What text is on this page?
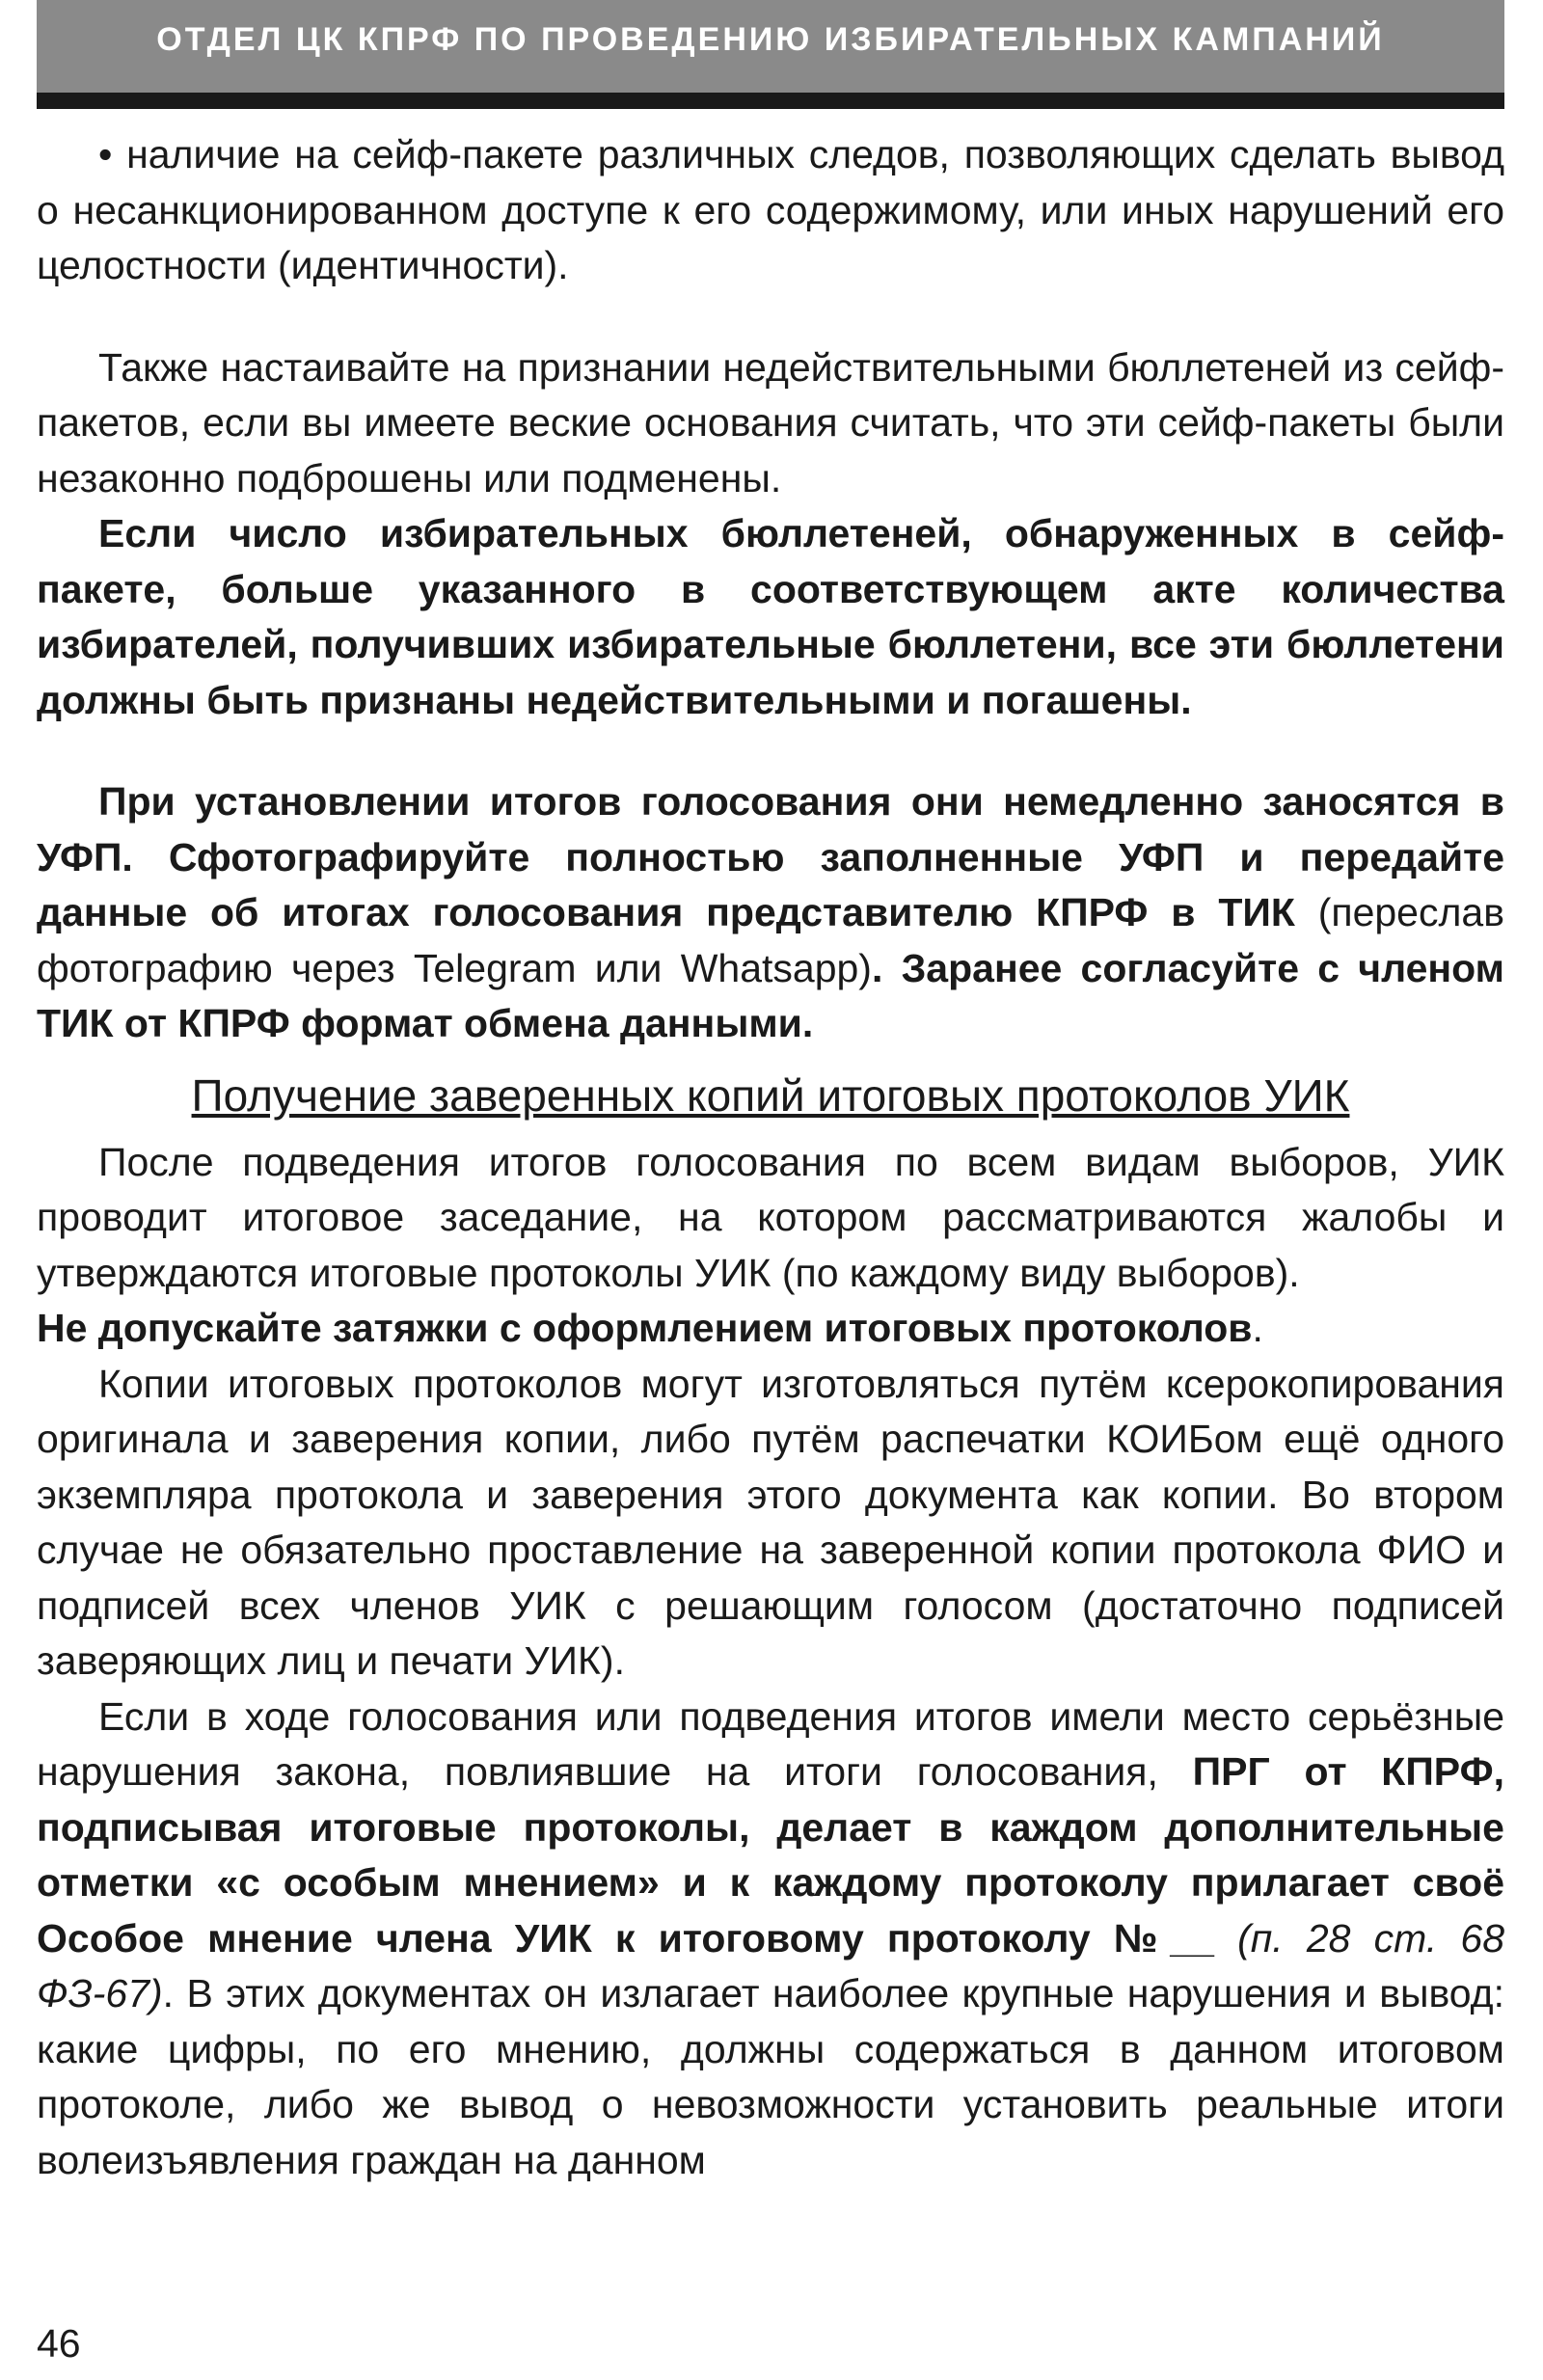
ОТДЕЛ ЦК КПРФ ПО ПРОВЕДЕНИЮ ИЗБИРАТЕЛЬНЫХ КАМПАНИЙ

• наличие на сейф-пакете различных следов, позволяющих сделать вывод о несанкционированном доступе к его содержимому, или иных нарушений его целостности (идентичности).

Также настаивайте на признании недействительными бюллетеней из сейф-пакетов, если вы имеете веские основания считать, что эти сейф-пакеты были незаконно подброшены или подменены.

Если число избирательных бюллетеней, обнаруженных в сейф-пакете, больше указанного в соответствующем акте количества избирателей, получивших избирательные бюллетени, все эти бюллетени должны быть признаны недействительными и погашены.

При установлении итогов голосования они немедленно заносятся в УФП. Сфотографируйте полностью заполненные УФП и передайте данные об итогах голосования представителю КПРФ в ТИК (переслав фотографию через Telegram или Whatsapp). Заранее согласуйте с членом ТИК от КПРФ формат обмена данными.

Получение заверенных копий итоговых протоколов УИК

После подведения итогов голосования по всем видам выборов, УИК проводит итоговое заседание, на котором рассматриваются жалобы и утверждаются итоговые протоколы УИК (по каждому виду выборов).

Не допускайте затяжки с оформлением итоговых протоколов.

Копии итоговых протоколов могут изготовляться путём ксерокопирования оригинала и заверения копии, либо путём распечатки КОИБом ещё одного экземпляра протокола и заверения этого документа как копии. Во втором случае не обязательно проставление на заверенной копии протокола ФИО и подписей всех членов УИК с решающим голосом (достаточно подписей заверяющих лиц и печати УИК).

Если в ходе голосования или подведения итогов имели место серьёзные нарушения закона, повлиявшие на итоги голосования, ПРГ от КПРФ, подписывая итоговые протоколы, делает в каждом дополнительные отметки «с особым мнением» и к каждому протоколу прилагает своё Особое мнение члена УИК к итоговому протоколу №__ (п. 28 ст. 68 ФЗ-67). В этих документах он излагает наиболее крупные нарушения и вывод: какие цифры, по его мнению, должны содержаться в данном итоговом протоколе, либо же вывод о невозможности установить реальные итоги волеизъявления граждан на данном

46
